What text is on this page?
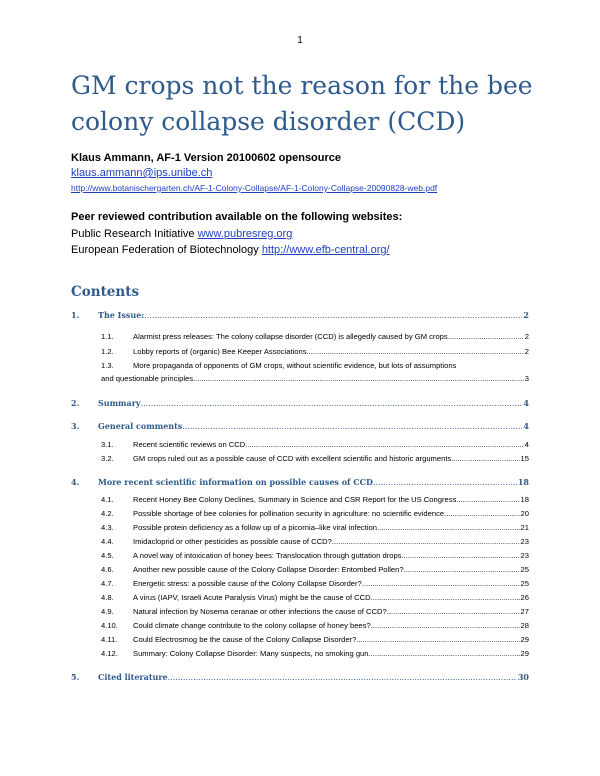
1
GM crops not the reason for the bee
colony collapse disorder (CCD)
Klaus Ammann, AF-1 Version 20100602 opensource
klaus.ammann@ips.unibe.ch
http://www.botanischergarten.ch/AF-1-Colony-Collapse/AF-1-Colony-Collapse-20090828-web.pdf
Peer reviewed contribution available on the following websites:
Public Research Initiative www.pubresreg.org
European Federation of Biotechnology http://www.efb-central.org/
Contents
1.	The Issue: .....	2
1.1.	Alarmist press releases: The colony collapse disorder (CCD) is allegedly caused by GM crops .....	2
1.2.	Lobby reports of (organic) Bee Keeper Associations .....	2
1.3.	More propaganda of opponents of GM crops, without scientific evidence, but lots of assumptions
and questionable principles .....	3
2.	Summary .....	4
3.	General comments .....	4
3.1.	Recent scientific reviews on CCD .....	4
3.2.	GM crops ruled out as a possible cause of CCD with excellent scientific and historic arguments. .....	15
4.	More recent scientific information on possible causes of CCD .....	18
4.1.	Recent Honey Bee Colony Declines, Summary in Science and CSR Report for the US Congress .....	18
4.2.	Possible shortage of bee colonies for pollination security in agriculture: no scientific evidence .....	20
4.3.	Possible protein deficiency as a follow up of a picornia–like viral infection .....	21
4.4.	Imidacloprid or other pesticides as possible cause of CCD? .....	23
4.5.	A novel way of intoxication of honey bees: Translocation through guttation drops .....	23
4.6.	Another new possible cause of the Colony Collapse Disorder: Entombed Pollen? .....	25
4.7.	Energetic stress: a possible cause of the Colony Collapse Disorder? .....	25
4.8.	A virus (IAPV, Israeli Acute Paralysis Virus) might be the cause of CCD .....	26
4.9.	Natural infection by Nosema ceranae or other infections the cause of CCD? .....	27
4.10.	Could climate change contribute to the colony collapse of honey bees? .....	28
4.11.	Could Electrosmog be the cause of the Colony Collapse Disorder? .....	29
4.12.	Summary: Colony Collapse Disorder: Many suspects, no smoking gun .....	29
5.	Cited literature .....	30
